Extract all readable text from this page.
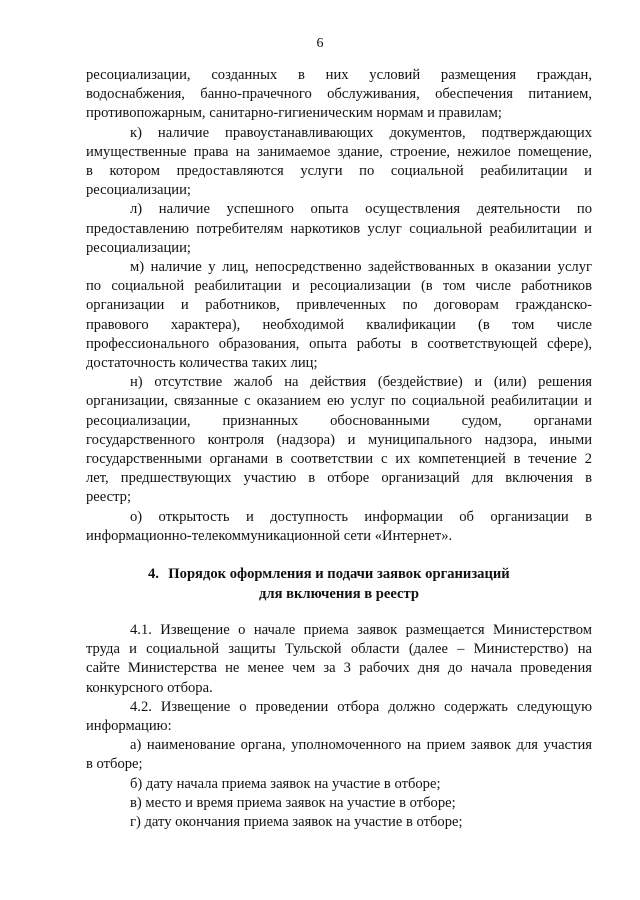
6

ресоциализации, созданных в них условий размещения граждан,

водоснабжения, банно-прачечного обслуживания, обеспечения питанием,

противопожарным, санитарно-гигиеническим нормам и правилам;

к) наличие правоустанавливающих документов, подтверждающих

имущественные права на занимаемое здание, строение, нежилое помещение,

в котором предоставляются услуги по социальной реабилитации и

ресоциализации;

л) наличие успешного опыта осуществления деятельности по

предоставлению потребителям наркотиков услуг социальной реабилитации и

ресоциализации;

м) наличие у лиц, непосредственно задействованных в оказании услуг

по социальной реабилитации и ресоциализации (в том числе работников

организации и работников, привлеченных по договорам гражданско-

правового характера), необходимой квалификации (в том числе

профессионального образования, опыта работы в соответствующей сфере),

достаточность количества таких лиц;

н) отсутствие жалоб на действия (бездействие) и (или) решения

организации, связанные с оказанием ею услуг по социальной реабилитации и

ресоциализации, признанных обоснованными судом, органами

государственного контроля (надзора) и муниципального надзора, иными

государственными органами в соответствии с их компетенцией в течение 2

лет, предшествующих участию в отборе организаций для включения в

реестр;

о) открытость и доступность информации об организации в

информационно-телекоммуникационной сети «Интернет».

4. Порядок оформления и подачи заявок организаций
для включения в реестр

4.1. Извещение о начале приема заявок размещается Министерством

труда и социальной защиты Тульской области (далее – Министерство) на

сайте Министерства не менее чем за 3 рабочих дня до начала проведения

конкурсного отбора.

4.2. Извещение о проведении отбора должно содержать следующую

информацию:

а) наименование органа, уполномоченного на прием заявок для участия

в отборе;

б) дату начала приема заявок на участие в отборе;

в) место и время приема заявок на участие в отборе;

г) дату окончания приема заявок на участие в отборе;
